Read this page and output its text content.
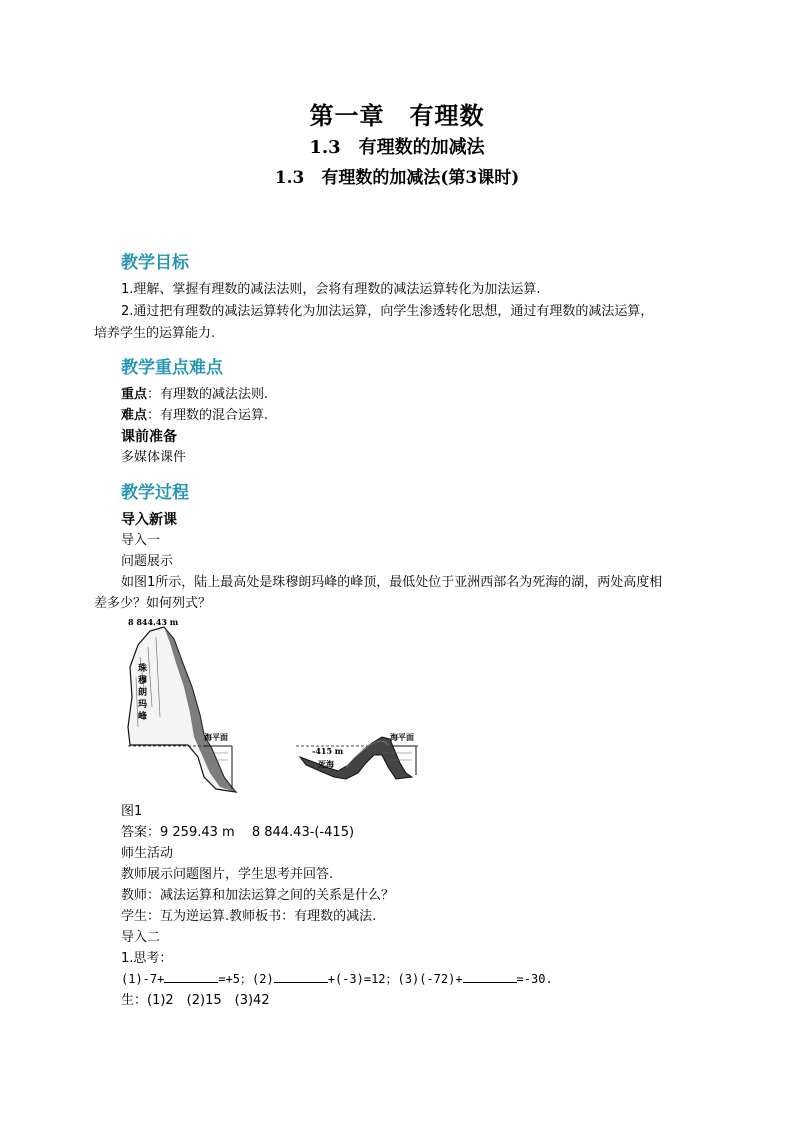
第一章　有理数
1.3　有理数的加减法
1.3　有理数的加减法(第3课时)
教学目标
1.理解、掌握有理数的减法法则，会将有理数的减法运算转化为加法运算.
2.通过把有理数的减法运算转化为加法运算，向学生渗透转化思想，通过有理数的减法运算，
培养学生的运算能力.
教学重点难点
重点：有理数的减法法则.
难点：有理数的混合运算.
课前准备
多媒体课件
教学过程
导入新课
导入一
问题展示
如图1所示，陆上最高处是珠穆朗玛峰的峰顶，最低处位于亚洲西部名为死海的湖，两处高度相
差多少？如何列式？
8 844.43 m
珠
穆
朗
玛
峰
海平面	海平面
-415 m
死海
图1
答案：9 259.43 m　 8 844.43-(-415)
师生活动
教师展示问题图片，学生思考并回答.
教师：减法运算和加法运算之间的关系是什么？
学生：互为逆运算.教师板书：有理数的减法.
导入二
1.思考：
(1)-7+	=+5；(2)	+(-3)=12；(3)(-72)+	=-30.
生：(1)2　(2)15　(3)42
